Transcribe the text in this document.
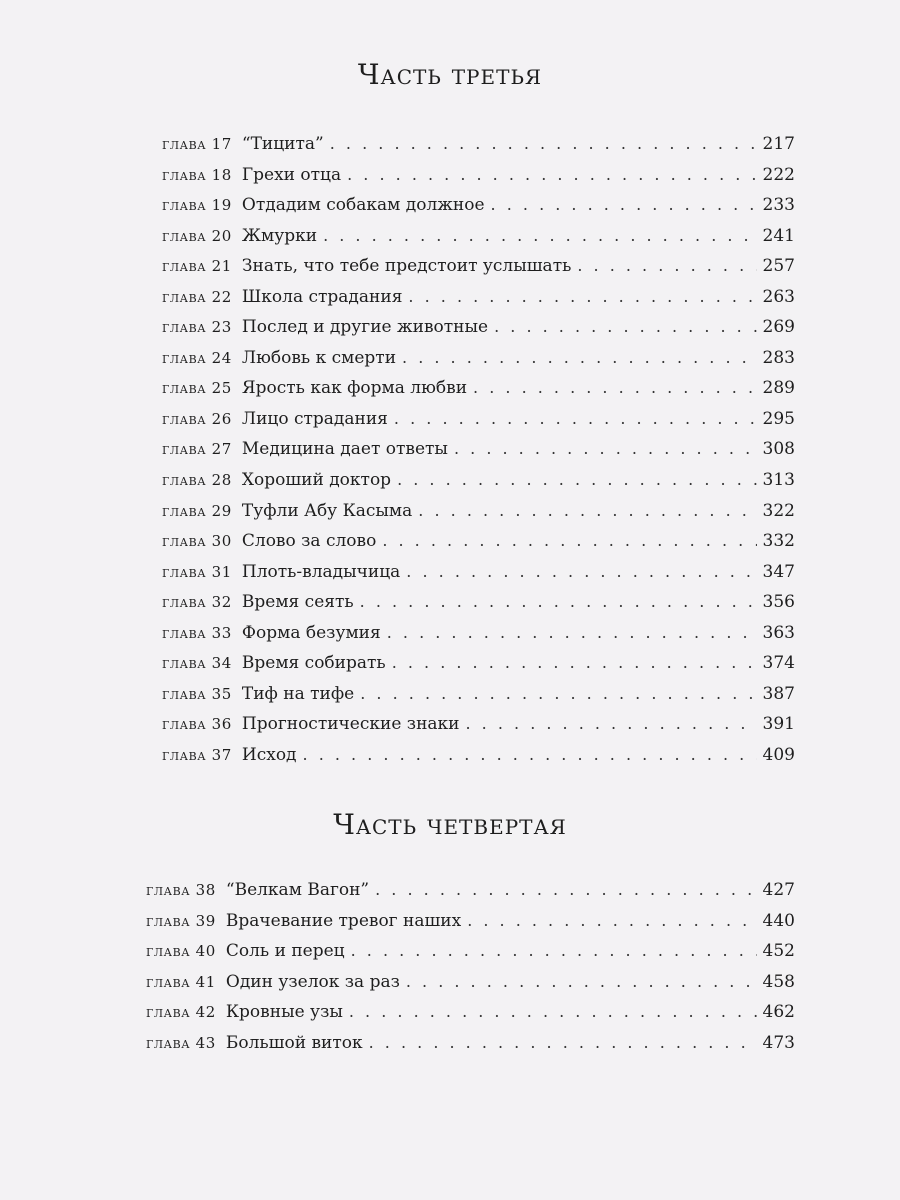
Часть третья
глава 17 “Тицита” . . .	217
глава 18 Грехи отца . . .	222
глава 19 Отдадим собакам должное . . .	233
глава 20 Жмурки . . .	241
глава 21 Знать, что тебе предстоит услышать . . .	257
глава 22 Школа страдания . . .	263
глава 23 Послед и другие животные . . .	269
глава 24 Любовь к смерти . . .	283
глава 25 Ярость как форма любви . . .	289
глава 26 Лицо страдания . . .	295
глава 27 Медицина дает ответы . . .	308
глава 28 Хороший доктор . . .	313
глава 29 Туфли Абу Касыма . . .	322
глава 30 Слово за слово . . .	332
глава 31 Плоть-владычица . . .	347
глава 32 Время сеять . . .	356
глава 33 Форма безумия . . .	363
глава 34 Время собирать . . .	374
глава 35 Тиф на тифе . . .	387
глава 36 Прогностические знаки . . .	391
глава 37 Исход . . .	409
Часть четвертая
глава 38 “Велкам Вагон” . . .	427
глава 39 Врачевание тревог наших . . .	440
глава 40 Соль и перец . . .	452
глава 41 Один узелок за раз . . .	458
глава 42 Кровные узы . . .	462
глава 43 Большой виток . . .	473
